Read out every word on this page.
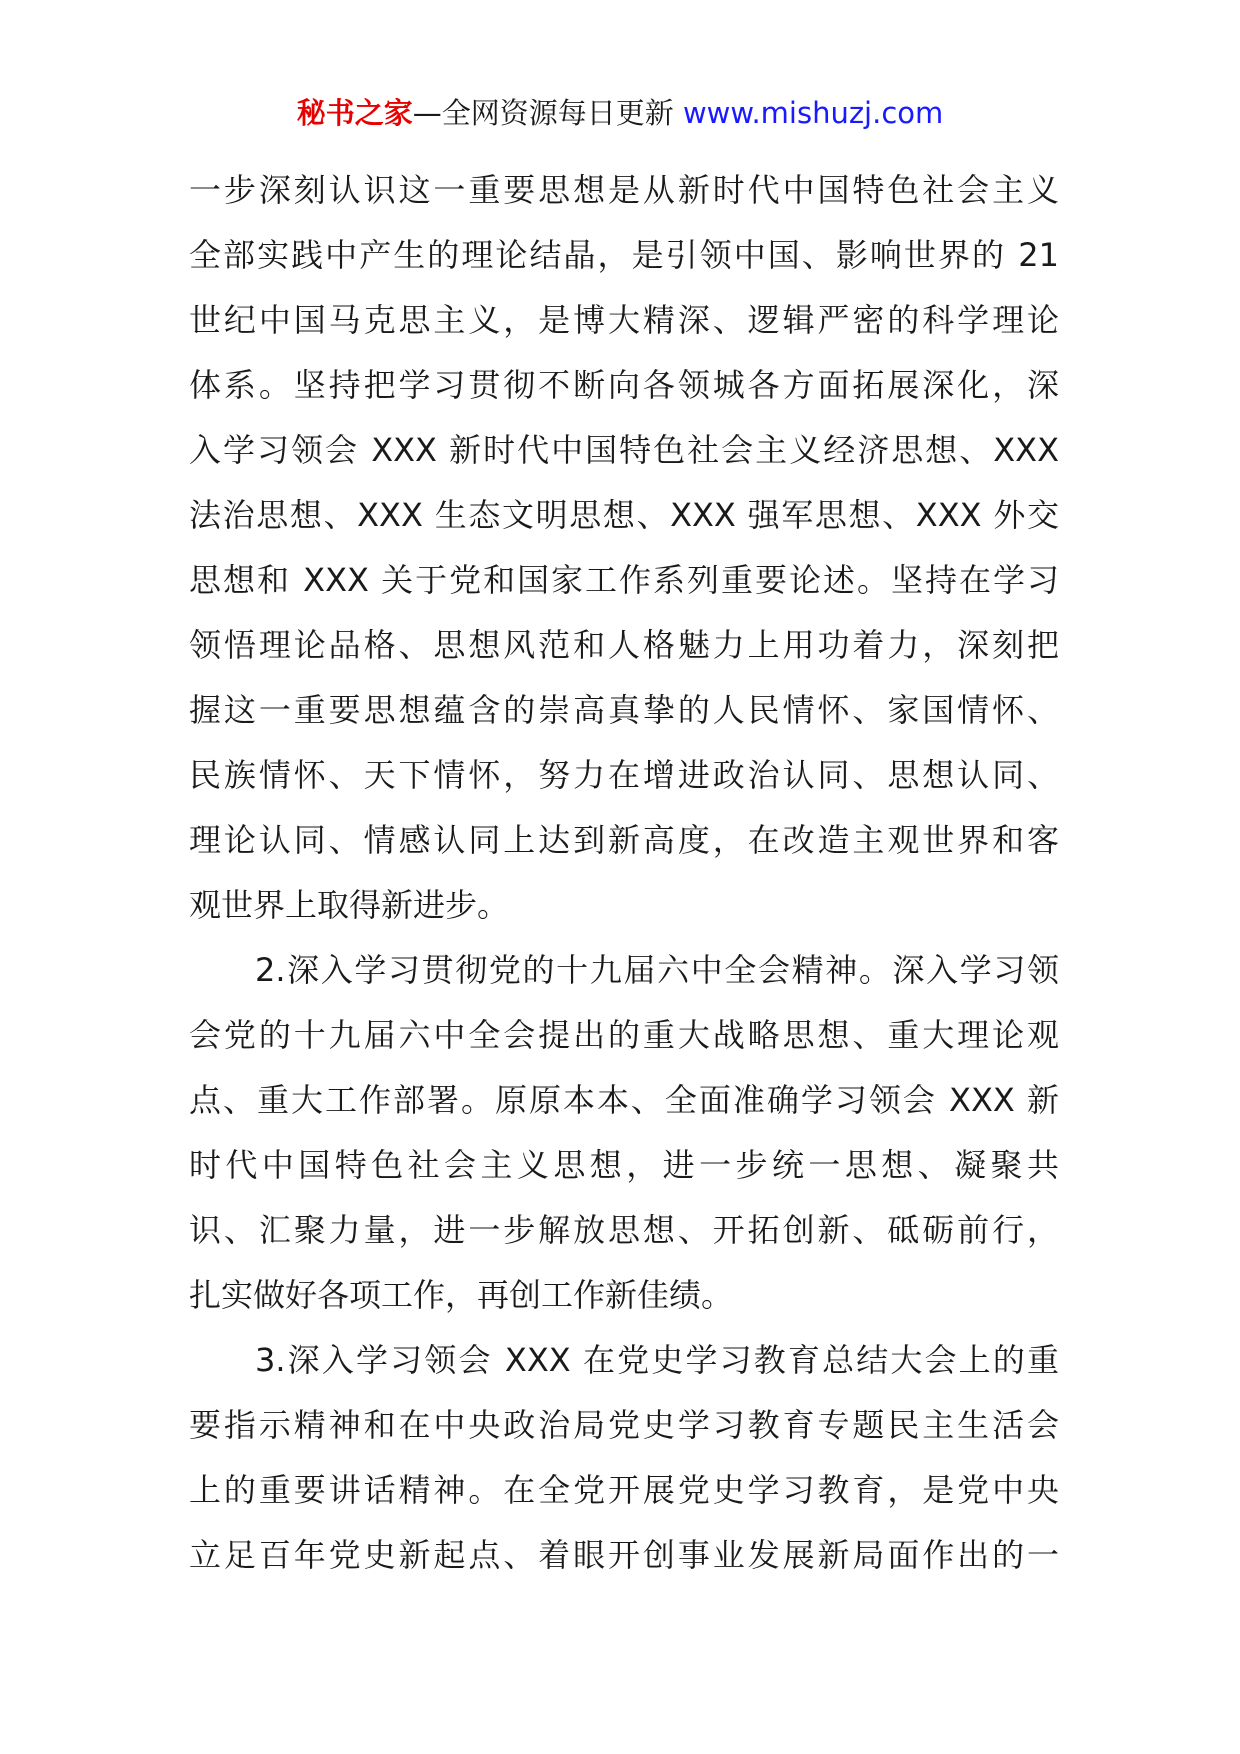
秘书之家—全网资源每日更新 www.mishuzj.com
一步深刻认识这一重要思想是从新时代中国特色社会主义
全部实践中产生的理论结晶，是引领中国、影响世界的 21
世纪中国马克思主义，是博大精深、逻辑严密的科学理论
体系。坚持把学习贯彻不断向各领城各方面拓展深化，深
入学习领会 XXX 新时代中国特色社会主义经济思想、XXX
法治思想、XXX 生态文明思想、XXX 强军思想、XXX 外交
思想和 XXX 关于党和国家工作系列重要论述。坚持在学习
领悟理论品格、思想风范和人格魅力上用功着力，深刻把
握这一重要思想蕴含的崇高真挚的人民情怀、家国情怀、
民族情怀、天下情怀，努力在增进政治认同、思想认同、
理论认同、情感认同上达到新高度，在改造主观世界和客
观世界上取得新进步。
2.深入学习贯彻党的十九届六中全会精神。深入学习领
会党的十九届六中全会提出的重大战略思想、重大理论观
点、重大工作部署。原原本本、全面准确学习领会 XXX 新
时代中国特色社会主义思想，进一步统一思想、凝聚共
识、汇聚力量，进一步解放思想、开拓创新、砥砺前行，
扎实做好各项工作，再创工作新佳绩。
3.深入学习领会 XXX 在党史学习教育总结大会上的重
要指示精神和在中央政治局党史学习教育专题民主生活会
上的重要讲话精神。在全党开展党史学习教育，是党中央
立足百年党史新起点、着眼开创事业发展新局面作出的一
